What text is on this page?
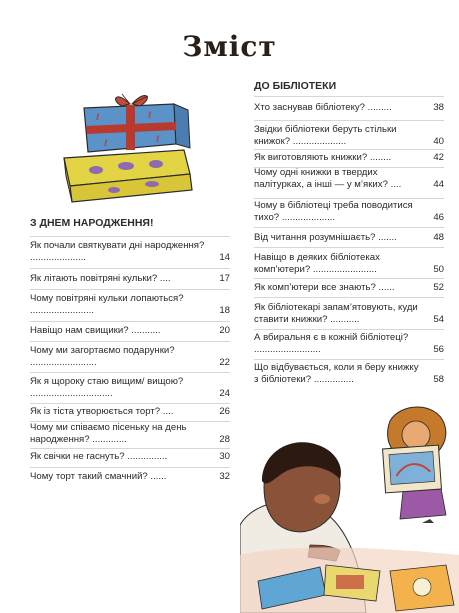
Зміст
ℓ	ℓ
ℓ	ℓ
З ДНЕМ НАРОДЖЕННЯ!
Як почали святкувати дні народження? .....................	14
Як літають повітряні кульки? ....	17
Чому повітряні кульки лопаються? ........................	18
Навіщо нам свищики? ...........	20
Чому ми загортаємо подарунки? .........................	22
Як я щороку стаю вищим/ вищою? ...............................	24
Як із тіста утворюється торт? ....	26
Чому ми співаємо пісеньку на день народження? .............	28
Як свічки не гаснуть? ...............	30
Чому торт такий смачний? ......	32
ДО БІБЛІОТЕКИ
Хто заснував бібліотеку? .........	38
Звідки бібліотеки беруть стільки книжок? ....................	40
Як виготовляють книжки? ........	42
Чому одні книжки в твердих палітурках, а інші — у м’яких? ....	44
Чому в бібліотеці треба поводитися тихо? ....................	46
Від читання розумнішаєть? .......	48
Навіщо в деяких бібліотеках комп’ютери? ........................	50
Як комп’ютери все знають? ......	52
Як бібліотекарі запам’ятовують, куди ставити книжки? ...........	54
А вбиральня є в кожній бібліотеці? .........................	56
Що відбувається, коли я беру книжку з бібліотеки? ...............	58
